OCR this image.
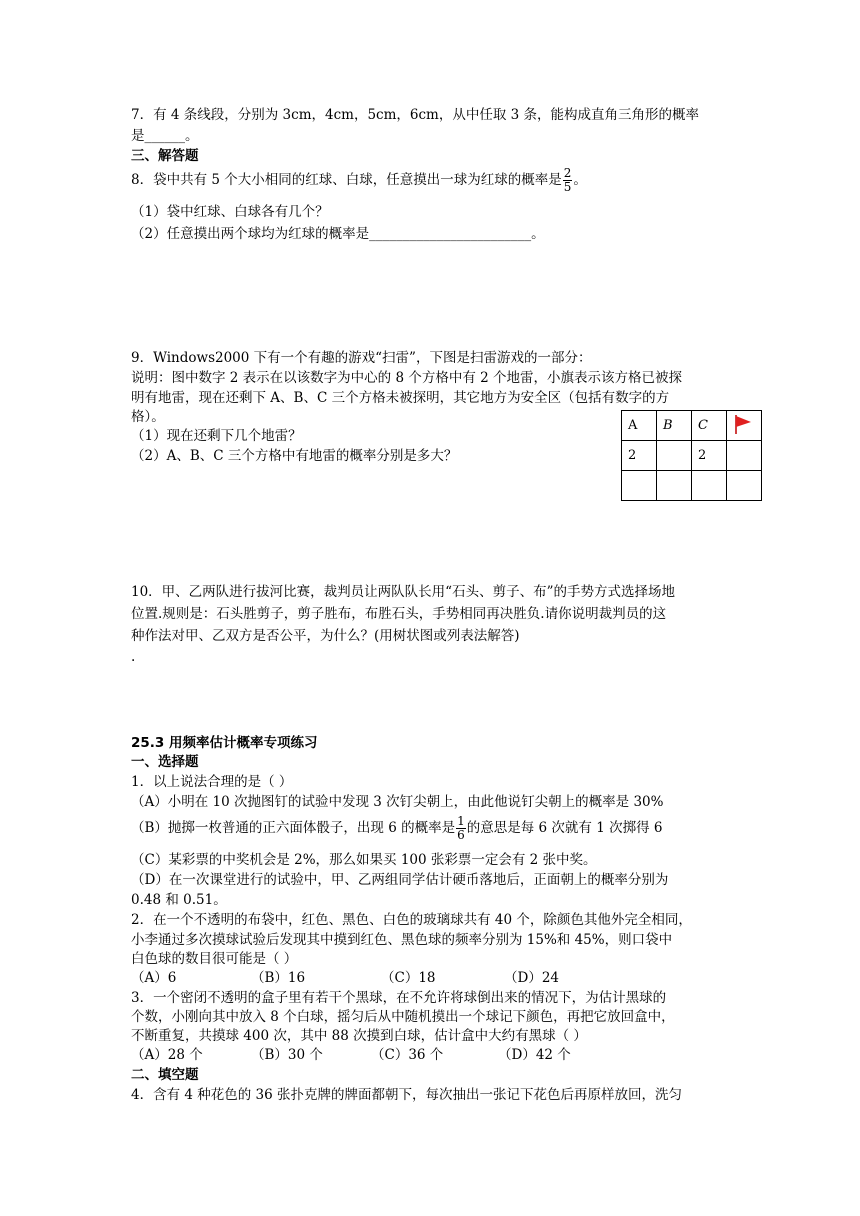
7．有 4 条线段，分别为 3cm，4cm，5cm，6cm，从中任取 3 条，能构成直角三角形的概率
是______。
三、解答题
8．袋中共有 5 个大小相同的红球、白球，任意摸出一球为红球的概率是 $\frac{2}{5}$ 。
（1）袋中红球、白球各有几个？
（2）任意摸出两个球均为红球的概率是________________________。
9．Windows2000 下有一个有趣的游戏“扫雷”，下图是扫雷游戏的一部分：
说明：图中数字 2 表示在以该数字为中心的 8 个方格中有 2 个地雷，小旗表示该方格已被探
明有地雷，现在还剩下 A、B、C 三个方格未被探明，其它地方为安全区（包括有数字的方
格）。
（1）现在还剩下几个地雷？
（2）A、B、C 三个方格中有地雷的概率分别是多大？
A	B	C	

2		2	

10．甲、乙两队进行拔河比赛，裁判员让两队队长用“石头、剪子、布”的手势方式选择场地
位置.规则是：石头胜剪子，剪子胜布，布胜石头，手势相同再决胜负.请你说明裁判员的这
种作法对甲、乙双方是否公平，为什么？(用树状图或列表法解答)
.
25.3 用频率估计概率专项练习
一、选择题
1．以上说法合理的是（ ）
（A）小明在 10 次抛图钉的试验中发现 3 次钉尖朝上，由此他说钉尖朝上的概率是 30%
（B）抛掷一枚普通的正六面体骰子，出现 6 的概率是 $\frac{1}{6}$ 的意思是每 6 次就有 1 次掷得 6
（C）某彩票的中奖机会是 2%，那么如果买 100 张彩票一定会有 2 张中奖。
（D）在一次课堂进行的试验中，甲、乙两组同学估计硬币落地后，正面朝上的概率分别为
0.48 和 0.51。
2．在一个不透明的布袋中，红色、黑色、白色的玻璃球共有 40 个，除颜色其他外完全相同，
小李通过多次摸球试验后发现其中摸到红色、黑色球的频率分别为 15%和 45%，则口袋中
白色球的数目很可能是（ ）
（A）6	（B）16	（C）18	（D）24
3．一个密闭不透明的盒子里有若干个黑球，在不允许将球倒出来的情况下，为估计黑球的
个数，小刚向其中放入 8 个白球，摇匀后从中随机摸出一个球记下颜色，再把它放回盒中，
不断重复，共摸球 400 次，其中 88 次摸到白球，估计盒中大约有黑球（ ）
（A）28 个	（B）30 个	（C）36 个	（D）42 个
二、填空题
4．含有 4 种花色的 36 张扑克牌的牌面都朝下，每次抽出一张记下花色后再原样放回，洗匀
